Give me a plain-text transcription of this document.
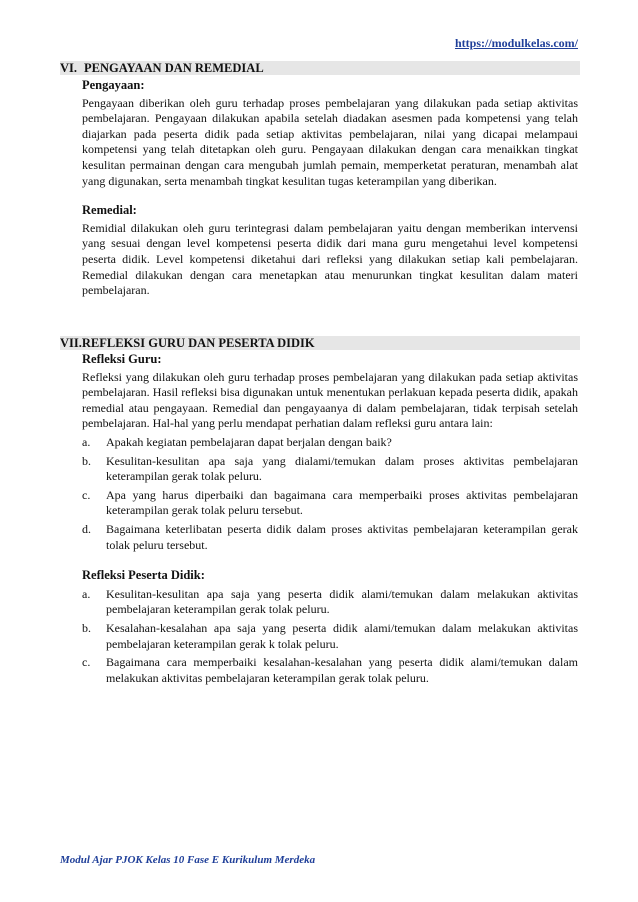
https://modulkelas.com/
VI. PENGAYAAN DAN REMEDIAL
Pengayaan:

Pengayaan diberikan oleh guru terhadap proses pembelajaran yang dilakukan pada setiap aktivitas pembelajaran. Pengayaan dilakukan apabila setelah diadakan asesmen pada kompetensi yang telah diajarkan pada peserta didik pada setiap aktivitas pembelajaran, nilai yang dicapai melampaui kompetensi yang telah ditetapkan oleh guru. Pengayaan dilakukan dengan cara menaikkan tingkat kesulitan permainan dengan cara mengubah jumlah pemain, memperketat peraturan, menambah alat yang digunakan, serta menambah tingkat kesulitan tugas keterampilan yang diberikan.

Remedial:

Remidial dilakukan oleh guru terintegrasi dalam pembelajaran yaitu dengan memberikan intervensi yang sesuai dengan level kompetensi peserta didik dari mana guru mengetahui level kompetensi peserta didik. Level kompetensi diketahui dari refleksi yang dilakukan setiap kali pembelajaran. Remedial dilakukan dengan cara menetapkan atau menurunkan tingkat kesulitan dalam materi pembelajaran.

VII.REFLEKSI GURU DAN PESERTA DIDIK
Refleksi Guru:

Refleksi yang dilakukan oleh guru terhadap proses pembelajaran yang dilakukan pada setiap aktivitas pembelajaran. Hasil refleksi bisa digunakan untuk menentukan perlakuan kepada peserta didik, apakah remedial atau pengayaan. Remedial dan pengayaanya di dalam pembelajaran, tidak terpisah setelah pembelajaran. Hal-hal yang perlu mendapat perhatian dalam refleksi guru antara lain:

a.	Apakah kegiatan pembelajaran dapat berjalan dengan baik?
b.	Kesulitan-kesulitan apa saja yang dialami/temukan dalam proses aktivitas pembelajaran keterampilan gerak tolak peluru.
c.	Apa yang harus diperbaiki dan bagaimana cara memperbaiki proses aktivitas pembelajaran keterampilan gerak tolak peluru tersebut.
d.	Bagaimana keterlibatan peserta didik dalam proses aktivitas pembelajaran keterampilan gerak tolak peluru tersebut.
Refleksi Peserta Didik:
a.	Kesulitan-kesulitan apa saja yang peserta didik alami/temukan dalam melakukan aktivitas pembelajaran keterampilan gerak tolak peluru.
b.	Kesalahan-kesalahan apa saja yang peserta didik alami/temukan dalam melakukan aktivitas pembelajaran keterampilan gerak k tolak peluru.
c.	Bagaimana cara memperbaiki kesalahan-kesalahan yang peserta didik alami/temukan dalam melakukan aktivitas pembelajaran keterampilan gerak tolak peluru.
Modul Ajar PJOK Kelas 10 Fase E Kurikulum Merdeka
